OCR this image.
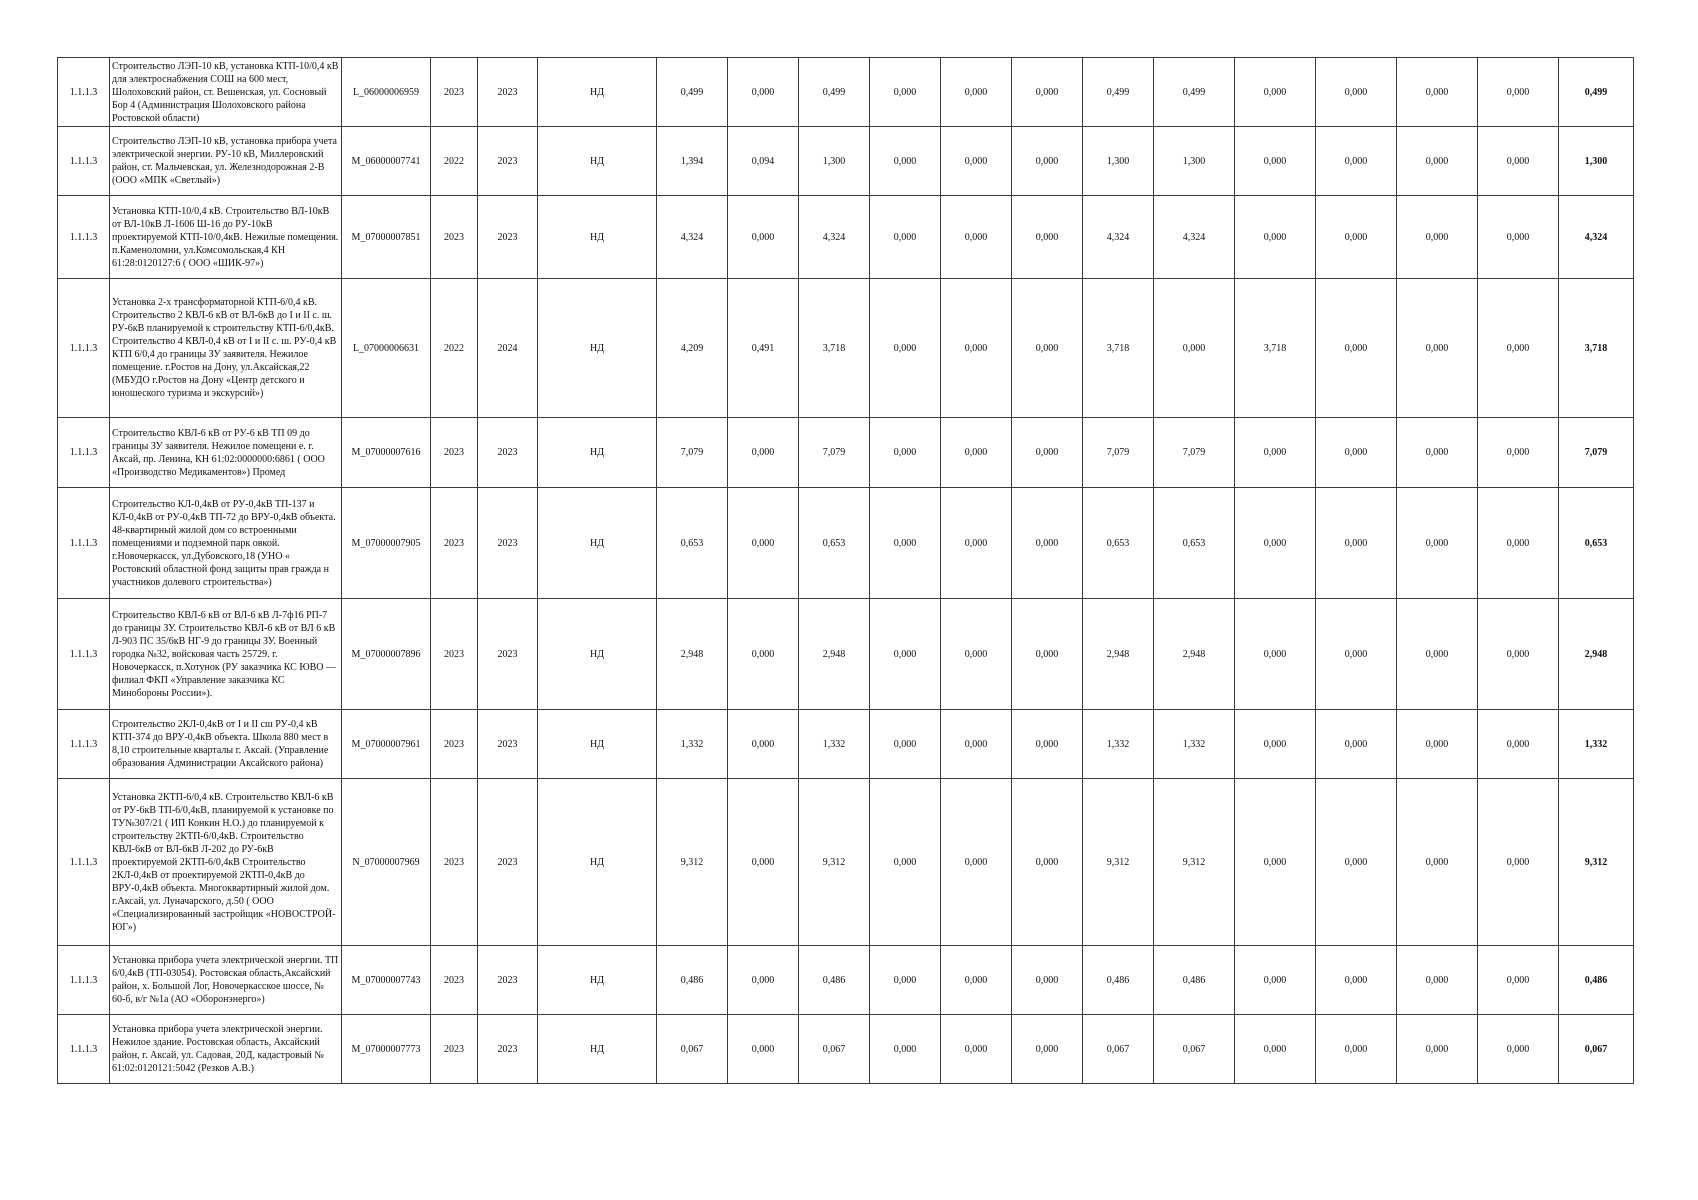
1.1.1.3	Строительство ЛЭП-10 кВ, установка КТП-10/0,4 кВ для электроснабжения СОШ на 600 мест, Шолоховский район, ст. Вешенская, ул. Сосновый Бор 4 (Администрация Шолоховского района Ростовской области)	L_06000006959	2023	2023	НД	0,499	0,000	0,499	0,000	0,000	0,000	0,499	0,499	0,000	0,000	0,000	0,000	0,499
1.1.1.3	Строительство ЛЭП-10 кВ, установка прибора учета электрической энергии. РУ-10 кВ, Миллеровский район, ст. Мальчевская, ул. Железнодорожная 2-В (ООО «МПК «Светлый»)	M_06000007741	2022	2023	НД	1,394	0,094	1,300	0,000	0,000	0,000	1,300	1,300	0,000	0,000	0,000	0,000	1,300
1.1.1.3	Установка КТП-10/0,4 кВ. Строительство ВЛ-10кВ от ВЛ-10кВ Л-1606 Ш-16 до РУ-10кВ проектируемой КТП-10/0,4кВ. Нежилые помещения. п.Каменоломни, ул.Комсомольская,4 КН 61:28:0120127:6 ( ООО «ШИК-97»)	M_07000007851	2023	2023	НД	4,324	0,000	4,324	0,000	0,000	0,000	4,324	4,324	0,000	0,000	0,000	0,000	4,324
1.1.1.3	Установка 2-х трансформаторной КТП-6/0,4 кВ. Строительство 2 КВЛ-6 кВ от ВЛ-6кВ до I и II с. ш. РУ-6кВ планируемой к строительству КТП-6/0,4кВ. Строительство 4 КВЛ-0,4 кВ от I и II с. ш. РУ-0,4 кВ КТП 6/0,4 до границы ЗУ заявителя. Нежилое помещение. г.Ростов на Дону, ул.Аксайская,22 (МБУДО г.Ростов на Дону «Центр детского и юношеского туризма и экскурсий»)	L_07000006631	2022	2024	НД	4,209	0,491	3,718	0,000	0,000	0,000	3,718	0,000	3,718	0,000	0,000	0,000	3,718
1.1.1.3	Строительство КВЛ-6 кВ от РУ-6 кВ ТП 09 до границы ЗУ заявителя. Нежилое помещени е. г. Аксай, пр. Ленина, КН 61:02:0000000:6861 ( ООО «Производство Медикаментов») Промед	M_07000007616	2023	2023	НД	7,079	0,000	7,079	0,000	0,000	0,000	7,079	7,079	0,000	0,000	0,000	0,000	7,079
1.1.1.3	Строительство КЛ-0,4кВ от РУ-0,4кВ ТП-137 и КЛ-0,4кВ от РУ-0,4кВ ТП-72 до ВРУ-0,4кВ объекта. 48-квартирный жилой дом со встроенными помещениями и подземной парк овкой. г.Новочеркасск, ул.Дубовского,18 (УНО « Ростовский областной фонд защиты прав гражда н участников долевого строительства»)	M_07000007905	2023	2023	НД	0,653	0,000	0,653	0,000	0,000	0,000	0,653	0,653	0,000	0,000	0,000	0,000	0,653
1.1.1.3	Строительство КВЛ-6 кВ от ВЛ-6 кВ Л-7ф16 РП-7 до границы ЗУ. Строительство КВЛ-6 кВ от ВЛ 6 кВ Л-903 ПС 35/6кВ НГ-9 до границы ЗУ. Военный городка №32, войсковая часть 25729. г. Новочеркасск, п.Хотунок (РУ заказчика КС ЮВО — филиал ФКП «Управление заказчика КС Минобороны России»).	M_07000007896	2023	2023	НД	2,948	0,000	2,948	0,000	0,000	0,000	2,948	2,948	0,000	0,000	0,000	0,000	2,948
1.1.1.3	Строительство 2КЛ-0,4кВ от I и II сш РУ-0,4 кВ КТП-374 до ВРУ-0,4кВ объекта. Школа 880 мест в 8,10 строительные кварталы г. Аксай. (Управление образования Администрации Аксайского района)	M_07000007961	2023	2023	НД	1,332	0,000	1,332	0,000	0,000	0,000	1,332	1,332	0,000	0,000	0,000	0,000	1,332
1.1.1.3	Установка 2КТП-6/0,4 кВ. Строительство КВЛ-6 кВ от РУ-6кВ ТП-6/0,4кВ, планируемой к установке по ТУ№307/21 ( ИП Конкин Н.О.) до планируемой к строительству 2КТП-6/0,4кВ. Строительство КВЛ-6кВ от ВЛ-6кВ Л-202 до РУ-6кВ проектируемой 2КТП-6/0,4кВ Строительство 2КЛ-0,4кВ от проектируемой 2КТП-0,4кВ до ВРУ-0,4кВ объекта. Многоквартирный жилой дом. г.Аксай, ул. Луначарского, д.50 ( ООО «Специализированный застройщик «НОВОСТРОЙ-ЮГ»)	N_07000007969	2023	2023	НД	9,312	0,000	9,312	0,000	0,000	0,000	9,312	9,312	0,000	0,000	0,000	0,000	9,312
1.1.1.3	Установка прибора учета электрической энергии. ТП 6/0,4кВ (ТП-03054). Ростовская область,Аксайский район, х. Большой Лог, Новочеркасское шоссе, № 60-б, в/г №1а (АО «Оборонэнерго»)	M_07000007743	2023	2023	НД	0,486	0,000	0,486	0,000	0,000	0,000	0,486	0,486	0,000	0,000	0,000	0,000	0,486
1.1.1.3	Установка прибора учета электрической энергии. Нежилое здание. Ростовская область, Аксайский район, г. Аксай, ул. Садовая, 20Д, кадастровый № 61:02:0120121:5042 (Резков А.В.)	M_07000007773	2023	2023	НД	0,067	0,000	0,067	0,000	0,000	0,000	0,067	0,067	0,000	0,000	0,000	0,000	0,067
